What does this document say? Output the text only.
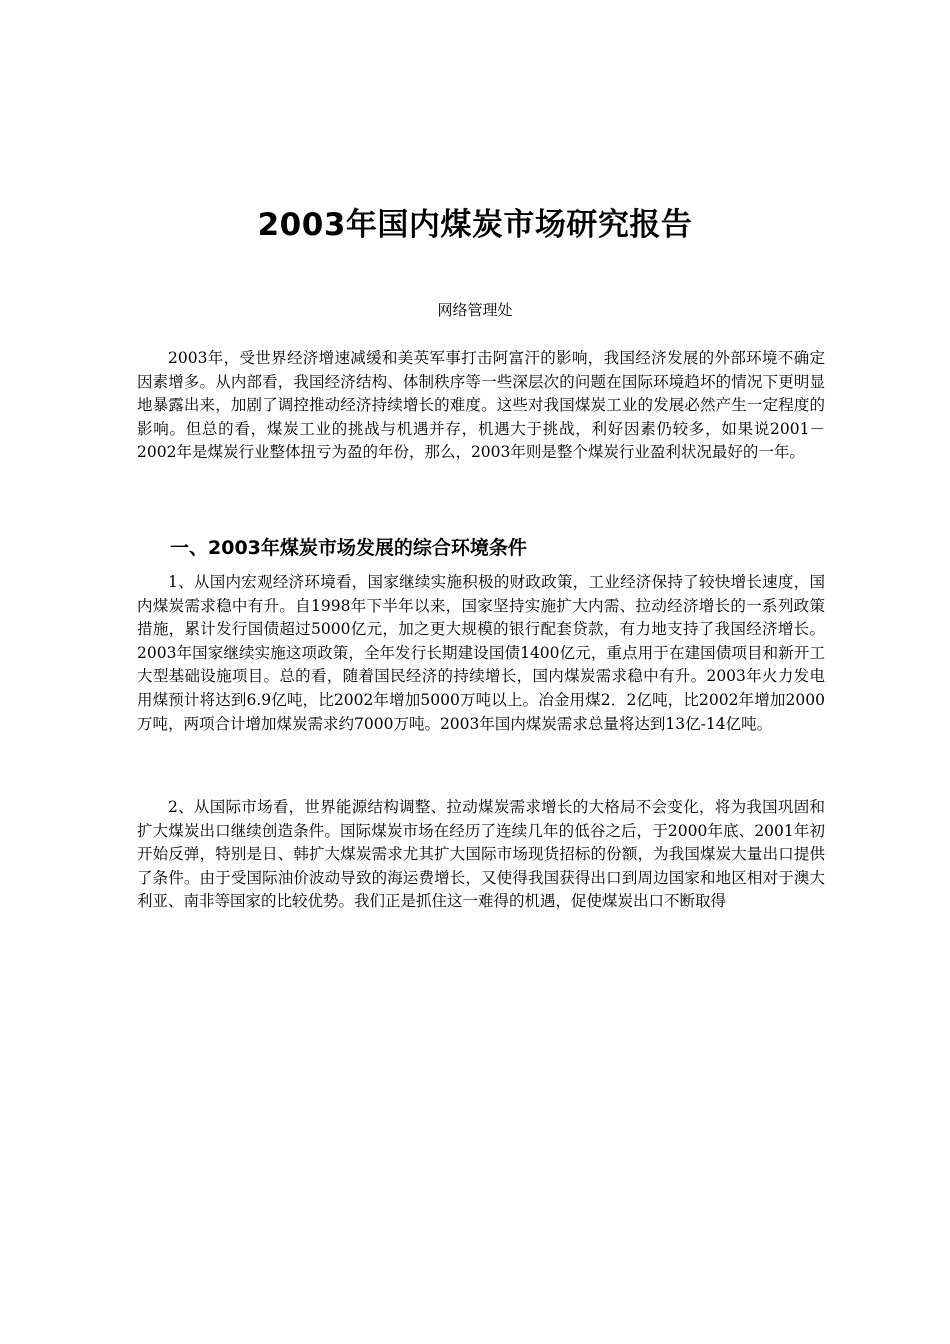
2003年国内煤炭市场研究报告

网络管理处

2003年，受世界经济增速减缓和美英军事打击阿富汗的影响，我国经济发展的外部环境不确定因素增多。从内部看，我国经济结构、体制秩序等一些深层次的问题在国际环境趋坏的情况下更明显地暴露出来，加剧了调控推动经济持续增长的难度。这些对我国煤炭工业的发展必然产生一定程度的影响。但总的看，煤炭工业的挑战与机遇并存，机遇大于挑战，利好因素仍较多，如果说2001－2002年是煤炭行业整体扭亏为盈的年份，那么，2003年则是整个煤炭行业盈利状况最好的一年。

一、2003年煤炭市场发展的综合环境条件

1、从国内宏观经济环境看，国家继续实施积极的财政政策，工业经济保持了较快增长速度，国内煤炭需求稳中有升。自1998年下半年以来，国家坚持实施扩大内需、拉动经济增长的一系列政策措施，累计发行国债超过5000亿元，加之更大规模的银行配套贷款，有力地支持了我国经济增长。2003年国家继续实施这项政策，全年发行长期建设国债1400亿元，重点用于在建国债项目和新开工大型基础设施项目。总的看，随着国民经济的持续增长，国内煤炭需求稳中有升。2003年火力发电用煤预计将达到6.9亿吨，比2002年增加5000万吨以上。冶金用煤2．2亿吨，比2002年增加2000万吨，两项合计增加煤炭需求约7000万吨。2003年国内煤炭需求总量将达到13亿-14亿吨。

2、从国际市场看，世界能源结构调整、拉动煤炭需求增长的大格局不会变化，将为我国巩固和扩大煤炭出口继续创造条件。国际煤炭市场在经历了连续几年的低谷之后，于2000年底、2001年初开始反弹，特别是日、韩扩大煤炭需求尤其扩大国际市场现货招标的份额，为我国煤炭大量出口提供了条件。由于受国际油价波动导致的海运费增长，又使得我国获得出口到周边国家和地区相对于澳大利亚、南非等国家的比较优势。我们正是抓住这一难得的机遇，促使煤炭出口不断取得
